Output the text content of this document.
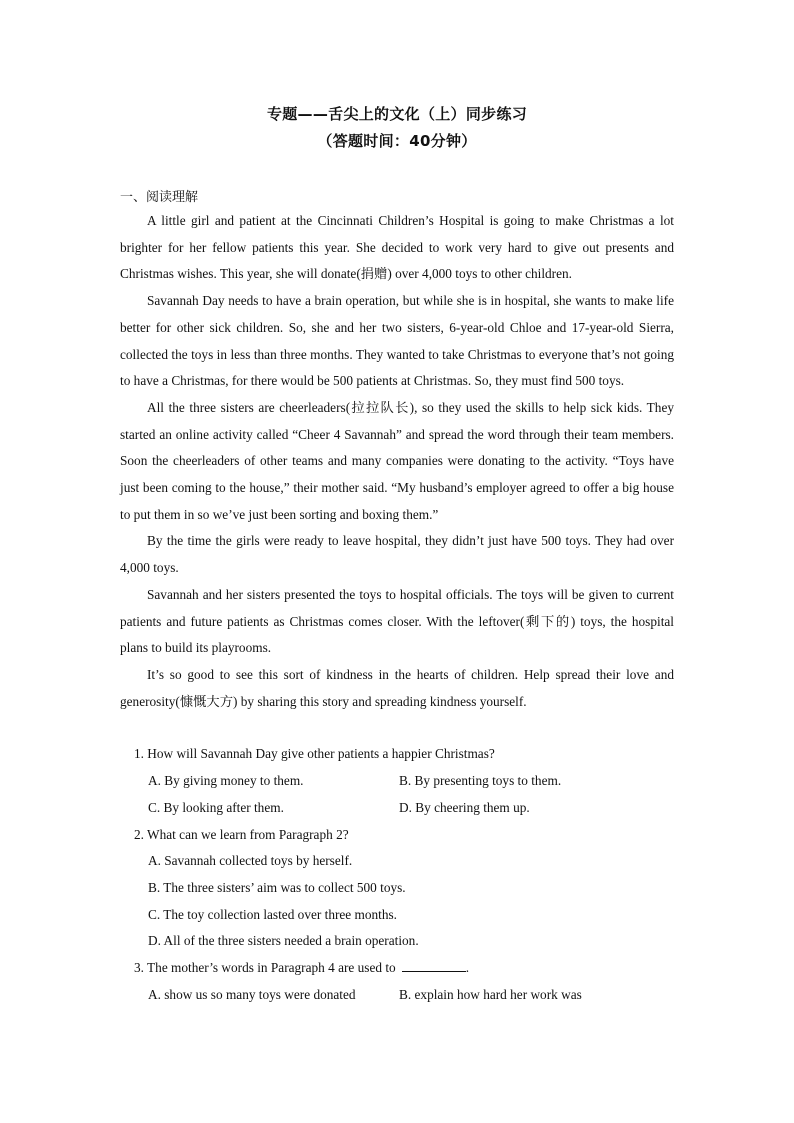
专题——舌尖上的文化（上）同步练习
（答题时间：40分钟）
一、阅读理解

A little girl and patient at the Cincinnati Children’s Hospital is going to make Christmas a lot brighter for her fellow patients this year. She decided to work very hard to give out presents and Christmas wishes. This year, she will donate(捐赠) over 4,000 toys to other children.

Savannah Day needs to have a brain operation, but while she is in hospital, she wants to make life better for other sick children. So, she and her two sisters, 6-year-old Chloe and 17-year-old Sierra, collected the toys in less than three months. They wanted to take Christmas to everyone that’s not going to have a Christmas, for there would be 500 patients at Christmas. So, they must find 500 toys.

All the three sisters are cheerleaders(拉拉队长), so they used the skills to help sick kids. They started an online activity called “Cheer 4 Savannah” and spread the word through their team members. Soon the cheerleaders of other teams and many companies were donating to the activity. “Toys have just been coming to the house,” their mother said. “My husband’s employer agreed to offer a big house to put them in so we’ve just been sorting and boxing them.”

By the time the girls were ready to leave hospital, they didn’t just have 500 toys. They had over 4,000 toys.

Savannah and her sisters presented the toys to hospital officials. The toys will be given to current patients and future patients as Christmas comes closer. With the leftover(剩下的) toys, the hospital plans to build its playrooms.

It’s so good to see this sort of kindness in the hearts of children. Help spread their love and generosity(慷慨大方) by sharing this story and spreading kindness yourself.

1. How will Savannah Day give other patients a happier Christmas?
A. By giving money to them.	B. By presenting toys to them.
C. By looking after them.	D. By cheering them up.
2. What can we learn from Paragraph 2?
A. Savannah collected toys by herself.
B. The three sisters’ aim was to collect 500 toys.
C. The toy collection lasted over three months.
D. All of the three sisters needed a brain operation.
3. The mother’s words in Paragraph 4 are used to	.
A. show us so many toys were donated	B. explain how hard her work was
